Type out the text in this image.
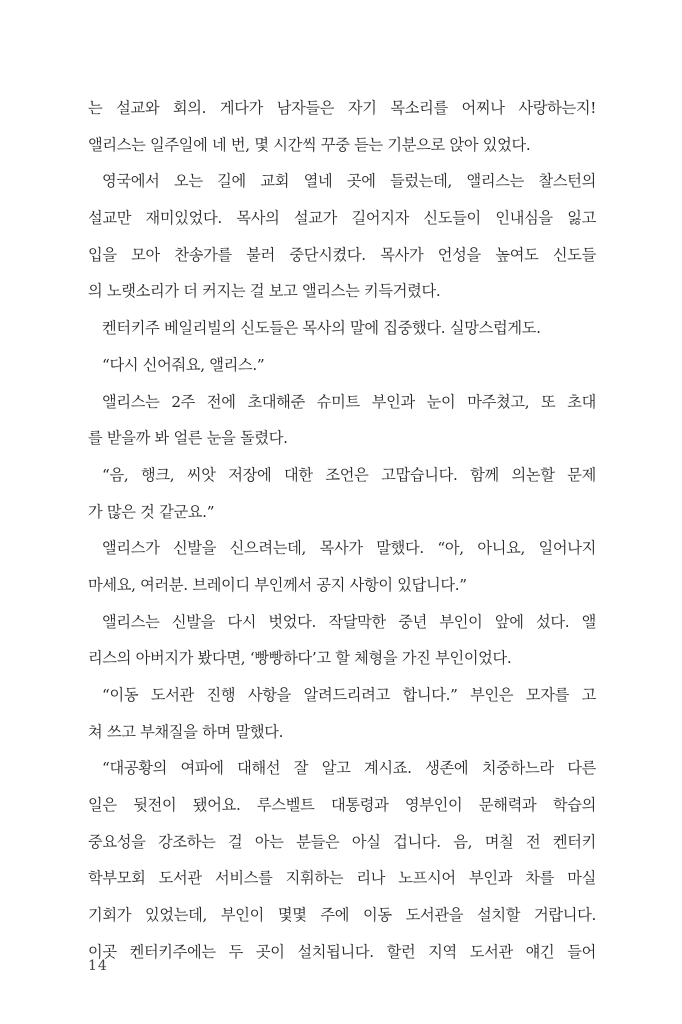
는 설교와 회의. 게다가 남자들은 자기 목소리를 어찌나 사랑하는지!
앨리스는 일주일에 네 번, 몇 시간씩 꾸중 듣는 기분으로 앉아 있었다.
영국에서 오는 길에 교회 열네 곳에 들렀는데, 앨리스는 찰스턴의
설교만 재미있었다. 목사의 설교가 길어지자 신도들이 인내심을 잃고
입을 모아 찬송가를 불러 중단시켰다. 목사가 언성을 높여도 신도들
의 노랫소리가 더 커지는 걸 보고 앨리스는 키득거렸다.
켄터키주 베일리빌의 신도들은 목사의 말에 집중했다. 실망스럽게도.
“다시 신어줘요, 앨리스.”
앨리스는 2주 전에 초대해준 슈미트 부인과 눈이 마주쳤고, 또 초대
를 받을까 봐 얼른 눈을 돌렸다.
“음, 행크, 씨앗 저장에 대한 조언은 고맙습니다. 함께 의논할 문제
가 많은 것 같군요.”
앨리스가 신발을 신으려는데, 목사가 말했다. “아, 아니요, 일어나지
마세요, 여러분. 브레이디 부인께서 공지 사항이 있답니다.”
앨리스는 신발을 다시 벗었다. 작달막한 중년 부인이 앞에 섰다. 앨
리스의 아버지가 봤다면, ‘빵빵하다’고 할 체형을 가진 부인이었다.
“이동 도서관 진행 사항을 알려드리려고 합니다.” 부인은 모자를 고
쳐 쓰고 부채질을 하며 말했다.
“대공황의 여파에 대해선 잘 알고 계시죠. 생존에 치중하느라 다른
일은 뒷전이 됐어요. 루스벨트 대통령과 영부인이 문해력과 학습의
중요성을 강조하는 걸 아는 분들은 아실 겁니다. 음, 며칠 전 켄터키
학부모회 도서관 서비스를 지휘하는 리나 노프시어 부인과 차를 마실
기회가 있었는데, 부인이 몇몇 주에 이동 도서관을 설치할 거랍니다.
이곳 켄터키주에는 두 곳이 설치됩니다. 할런 지역 도서관 얘긴 들어
14
